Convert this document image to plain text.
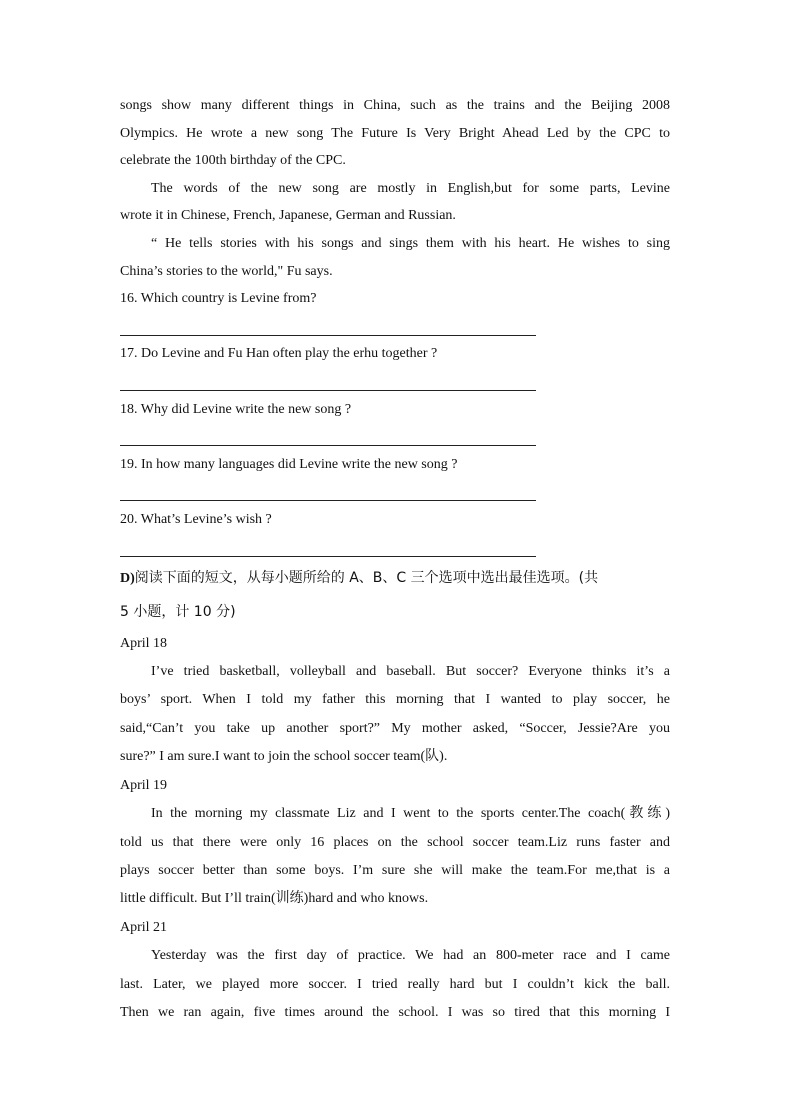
songs show many different things in China, such as the trains and the Beijing 2008
Olympics. He wrote a new song The Future Is Very Bright Ahead Led by the CPC to
celebrate the 100th birthday of the CPC.
The words of the new song are mostly in English,but for some parts, Levine
wrote it in Chinese, French, Japanese, German and Russian.
“ He tells stories with his songs and sings them with his heart. He wishes to sing
China’s stories to the world," Fu says.
16. Which country is Levine from?
17. Do Levine and Fu Han often play the erhu together ?
18. Why did Levine write the new song ?
19. In how many languages did Levine write the new song ?
20. What’s Levine’s wish ?
D)阅读下面的短文，从每小题所给的 A、B、C 三个选项中选出最佳选项。(共
5 小题，计 10 分)
April 18
I’ve tried basketball, volleyball and baseball. But soccer? Everyone thinks it’s a
boys’ sport. When I told my father this morning that I wanted to play soccer, he
said,“Can’t you take up another sport?” My mother asked, “Soccer, Jessie?Are you
sure?” I am sure.I want to join the school soccer team(队).
April 19
In the morning my classmate Liz and I went to the sports center.The coach(教练)
told us that there were only 16 places on the school soccer team.Liz runs faster and
plays soccer better than some boys. I’m sure she will make the team.For me,that is a
little difficult. But I’ll train(训练)hard and who knows.
April 21
Yesterday was the first day of practice. We had an 800-meter race and I came
last. Later, we played more soccer. I tried really hard but I couldn’t kick the ball.
Then we ran again, five times around the school. I was so tired that this morning I
